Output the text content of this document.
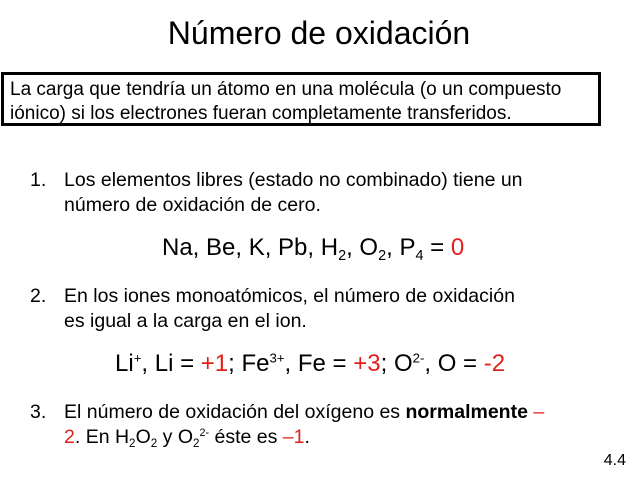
Número de oxidación
La carga que tendría un átomo en una molécula (o un compuesto iónico) si los electrones fueran completamente transferidos.
1. Los elementos libres (estado no combinado) tiene un
número de oxidación de cero.
Na, Be, K, Pb, $H_2$, $O_2$, $P_4 = 0$
2. En los iones monoatómicos, el número de oxidación
es igual a la carga en el ion.
Li+, Li = +1; $Fe^{3+}$, Fe = +3; $O^{2-}$, O = -2
3. El número de oxidación del oxígeno es normalmente –
2. En $H_2O_2$ y $O_2^{2-}$ éste es –1.
4.4
